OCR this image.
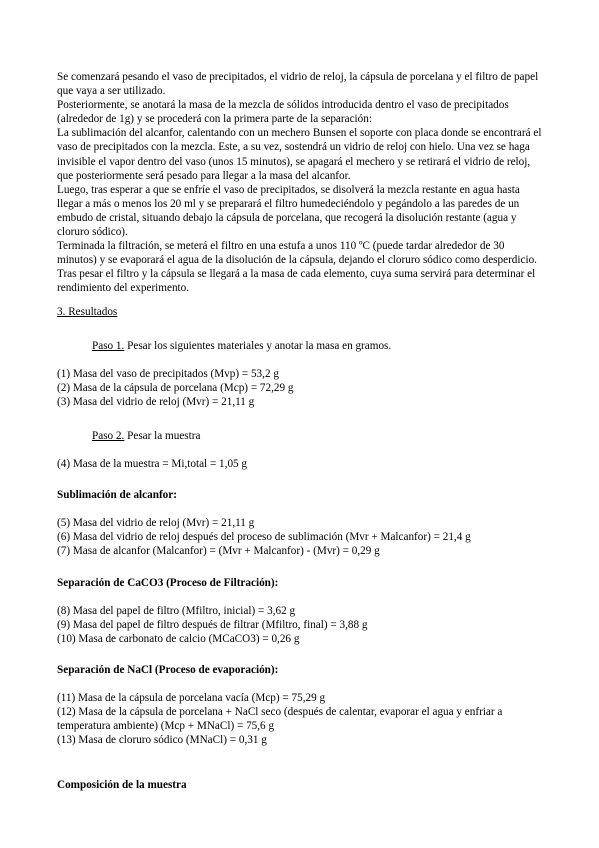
Se comenzará pesando el vaso de precipitados, el vidrio de reloj, la cápsula de porcelana y el filtro de papel que vaya a ser utilizado.

Posteriormente, se anotará la masa de la mezcla de sólidos introducida dentro el vaso de precipitados (alrededor de 1g) y se procederá con la primera parte de la separación:

La sublimación del alcanfor, calentando con un mechero Bunsen el soporte con placa donde se encontrará el vaso de precipitados con la mezcla. Este, a su vez, sostendrá un vidrio de reloj con hielo. Una vez se haga invisible el vapor dentro del vaso (unos 15 minutos), se apagará el mechero y se retirará el vidrio de reloj, que posteriormente será pesado para llegar a la masa del alcanfor.

Luego, tras esperar a que se enfríe el vaso de precipitados, se disolverá la mezcla restante en agua hasta llegar a más o menos los 20 ml y se preparará el filtro humedeciéndolo y pegándolo a las paredes de un embudo de cristal, situando debajo la cápsula de porcelana, que recogerá la disolución restante (agua y cloruro sódico).

Terminada la filtración, se meterá el filtro en una estufa a unos 110 ºC (puede tardar alrededor de 30 minutos) y se evaporará el agua de la disolución de la cápsula, dejando el cloruro sódico como desperdicio.

Tras pesar el filtro y la cápsula se llegará a la masa de cada elemento, cuya suma servirá para determinar el rendimiento del experimento.

3. Resultados

Paso 1. Pesar los siguientes materiales y anotar la masa en gramos.

(1) Masa del vaso de precipitados (Mvp) = 53,2 g

(2) Masa de la cápsula de porcelana (Mcp) = 72,29 g

(3) Masa del vidrio de reloj (Mvr) = 21,11 g

Paso 2. Pesar la muestra

(4) Masa de la muestra = Mi,total = 1,05 g

Sublimación de alcanfor:

(5) Masa del vidrio de reloj (Mvr) = 21,11 g

(6) Masa del vidrio de reloj después del proceso de sublimación (Mvr + Malcanfor) = 21,4 g

(7) Masa de alcanfor (Malcanfor) = (Mvr + Malcanfor) - (Mvr) = 0,29 g

Separación de CaCO3 (Proceso de Filtración):

(8) Masa del papel de filtro (Mfiltro, inicial) = 3,62 g

(9) Masa del papel de filtro después de filtrar (Mfiltro, final) = 3,88 g

(10) Masa de carbonato de calcio (MCaCO3) = 0,26 g

Separación de NaCl (Proceso de evaporación):

(11) Masa de la cápsula de porcelana vacía (Mcp) = 75,29 g

(12) Masa de la cápsula de porcelana + NaCl seco (después de calentar, evaporar el agua y enfriar a temperatura ambiente) (Mcp + MNaCl) = 75,6 g

(13) Masa de cloruro sódico (MNaCl) = 0,31 g

Composición de la muestra
